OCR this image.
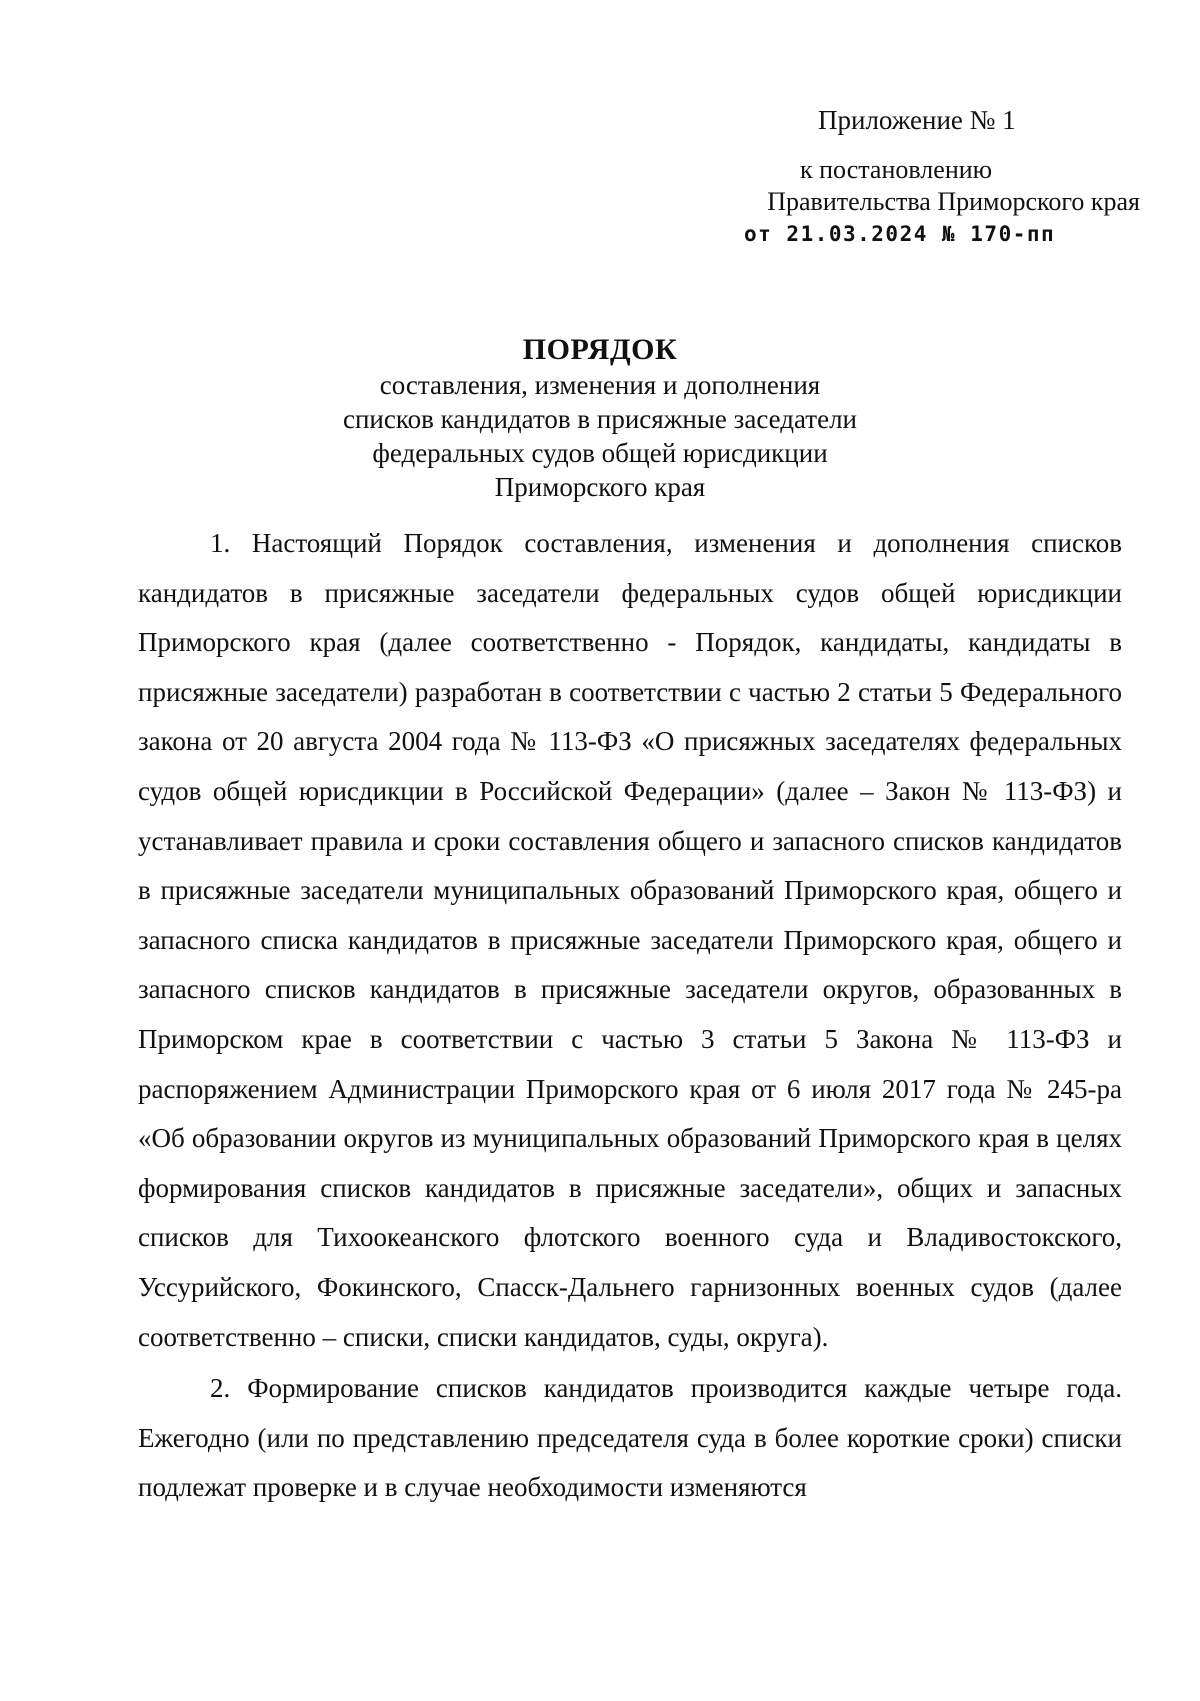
Приложение № 1
к постановлению
Правительства Приморского края
от 21.03.2024 № 170-пп
ПОРЯДОК
составления, изменения и дополнения
списков кандидатов в присяжные заседатели
федеральных судов общей юрисдикции
Приморского края

1. Настоящий Порядок составления, изменения и дополнения списков кандидатов в присяжные заседатели федеральных судов общей юрисдикции Приморского края (далее соответственно - Порядок, кандидаты, кандидаты в присяжные заседатели) разработан в соответствии с частью 2 статьи 5 Федерального закона от 20 августа 2004 года № 113-ФЗ «О присяжных заседателях федеральных судов общей юрисдикции в Российской Федерации» (далее – Закон № 113-ФЗ) и устанавливает правила и сроки составления общего и запасного списков кандидатов в присяжные заседатели муниципальных образований Приморского края, общего и запасного списка кандидатов в присяжные заседатели Приморского края, общего и запасного списков кандидатов в присяжные заседатели округов, образованных в Приморском крае в соответствии с частью 3 статьи 5 Закона № 113-ФЗ и распоряжением Администрации Приморского края от 6 июля 2017 года № 245-ра «Об образовании округов из муниципальных образований Приморского края в целях формирования списков кандидатов в присяжные заседатели», общих и запасных списков для Тихоокеанского флотского военного суда и Владивостокского, Уссурийского, Фокинского, Спасск-Дальнего гарнизонных военных судов (далее соответственно – списки, списки кандидатов, суды, округа).

2. Формирование списков кандидатов производится каждые четыре года. Ежегодно (или по представлению председателя суда в более короткие сроки) списки подлежат проверке и в случае необходимости изменяются
